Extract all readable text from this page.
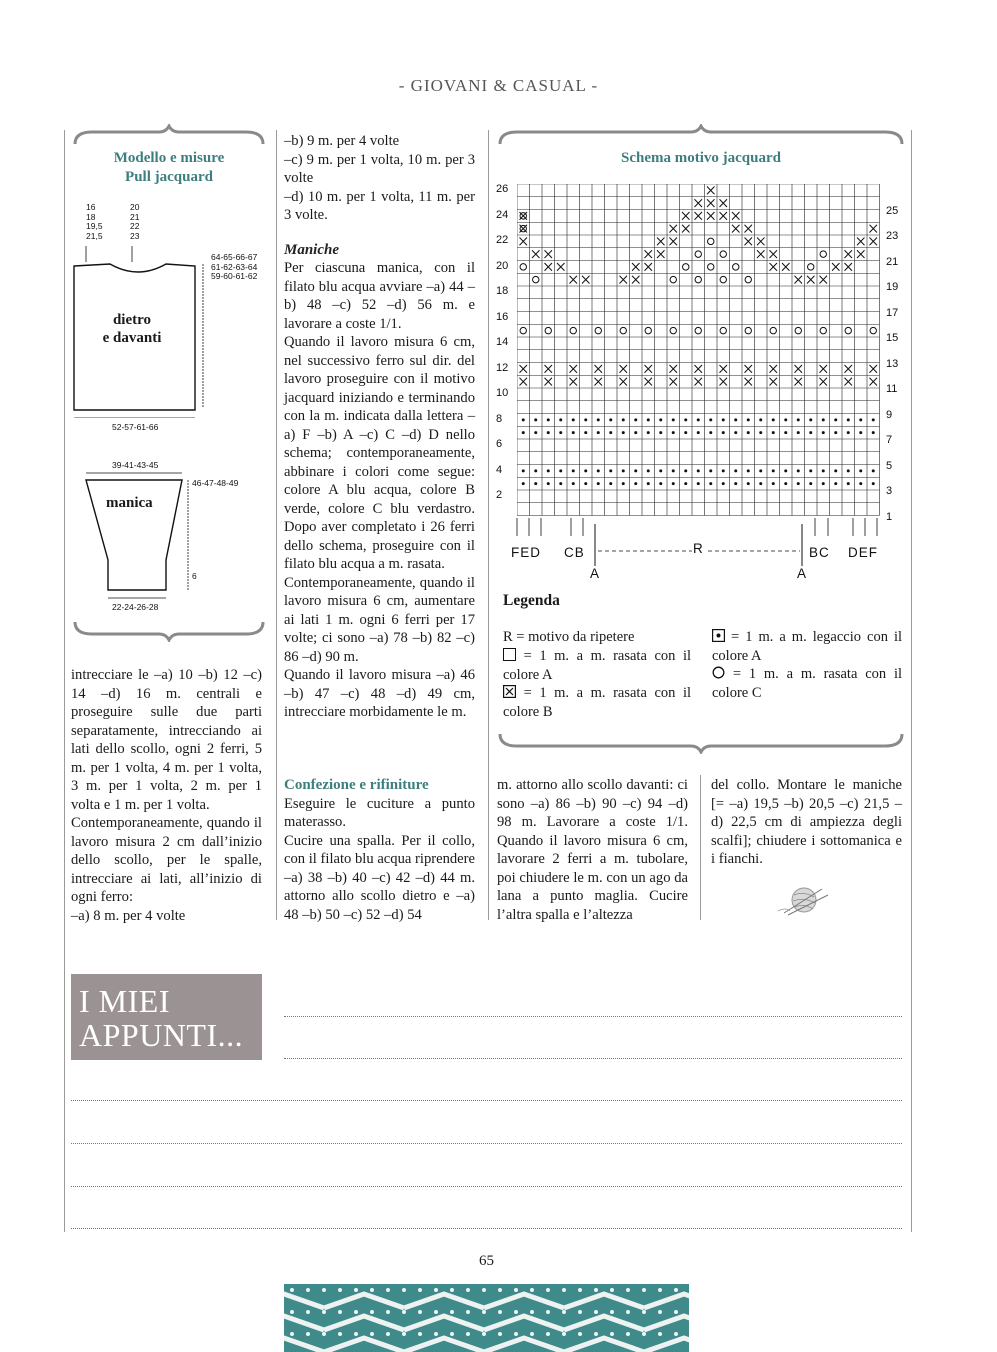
- GIOVANI & CASUAL -
Modello e misure
Pull jacquard
16
18
19,5
21,5
20
21
22
23
64-65-66-67
61-62-63-64
59-60-61-62
dietro
e davanti
52-57-61-66
39-41-43-45
46-47-48-49
manica
6
22-24-26-28

intrecciare le –a) 10 –b) 12 –c) 14 –d) 16 m. centrali e proseguire sulle due parti separatamente, intrecciando ai lati dello scollo, ogni 2 ferri, 5 m. per 1 volta, 4 m. per 1 volta, 3 m. per 1 volta, 2 m. per 1 volta e 1 m. per 1 volta.

Contemporaneamente, quando il lavoro misura 2 cm dall’inizio dello scollo, per le spalle, intrecciare ai lati, all’inizio di ogni ferro:

–a) 8 m. per 4 volte

–b) 9 m. per 4 volte

–c) 9 m. per 1 volta, 10 m. per 3 volte

–d) 10 m. per 1 volta, 11 m. per 3 volte.

Maniche

Per ciascuna manica, con il filato blu acqua avviare –a) 44 –b) 48 –c) 52 –d) 56 m. e lavorare a coste 1/1.

Quando il lavoro misura 6 cm, nel successivo ferro sul dir. del lavoro proseguire con il motivo jacquard iniziando e terminando con la m. indicata dalla lettera –a) F –b) A –c) C –d) D nello schema; contemporaneamente, abbinare i colori come segue: colore A blu acqua, colore B verde, colore C blu verdastro. Dopo aver completato i 26 ferri dello schema, proseguire con il filato blu acqua a m. rasata.

Contemporaneamente, quando il lavoro misura 6 cm, aumentare ai lati 1 m. ogni 6 ferri per 17 volte; ci sono –a) 78 –b) 82 –c) 86 –d) 90 m.

Quando il lavoro misura –a) 46 –b) 47 –c) 48 –d) 49 cm, intrecciare morbidamente le m.

Confezione e rifiniture

Eseguire le cuciture a punto materasso.

Cucire una spalla. Per il collo, con il filato blu acqua riprendere –a) 38 –b) 40 –c) 42 –d) 44 m. attorno allo scollo dietro e –a) 48 –b) 50 –c) 52 –d) 54

Schema motivo jacquard
26
24
22
20
18
16
14
12
10
8
6
4
2
25
23
21
19
17
15
13
11
9
7
5
3
1
FED CB	R	BC DEF
A	A
Legenda
R = motivo da ripetere
= 1 m. a m. rasata con il colore A
= 1 m. a m. rasata con il colore B
= 1 m. a m. legaccio con il colore A
= 1 m. a m. rasata con il colore C

m. attorno allo scollo davanti: ci sono –a) 86 –b) 90 –c) 94 –d) 98 m. Lavorare a coste 1/1. Quando il lavoro misura 6 cm, lavorare 2 ferri a m. tubolare, poi chiudere le m. con un ago da lana a punto maglia. Cucire l’altra spalla e l’altezza

del collo. Montare le maniche [= –a) 19,5 –b) 20,5 –c) 21,5 –d) 22,5 cm di ampiezza degli scalfi]; chiudere i sottomanica e i fianchi.

I MIEI
APPUNTI...
65
